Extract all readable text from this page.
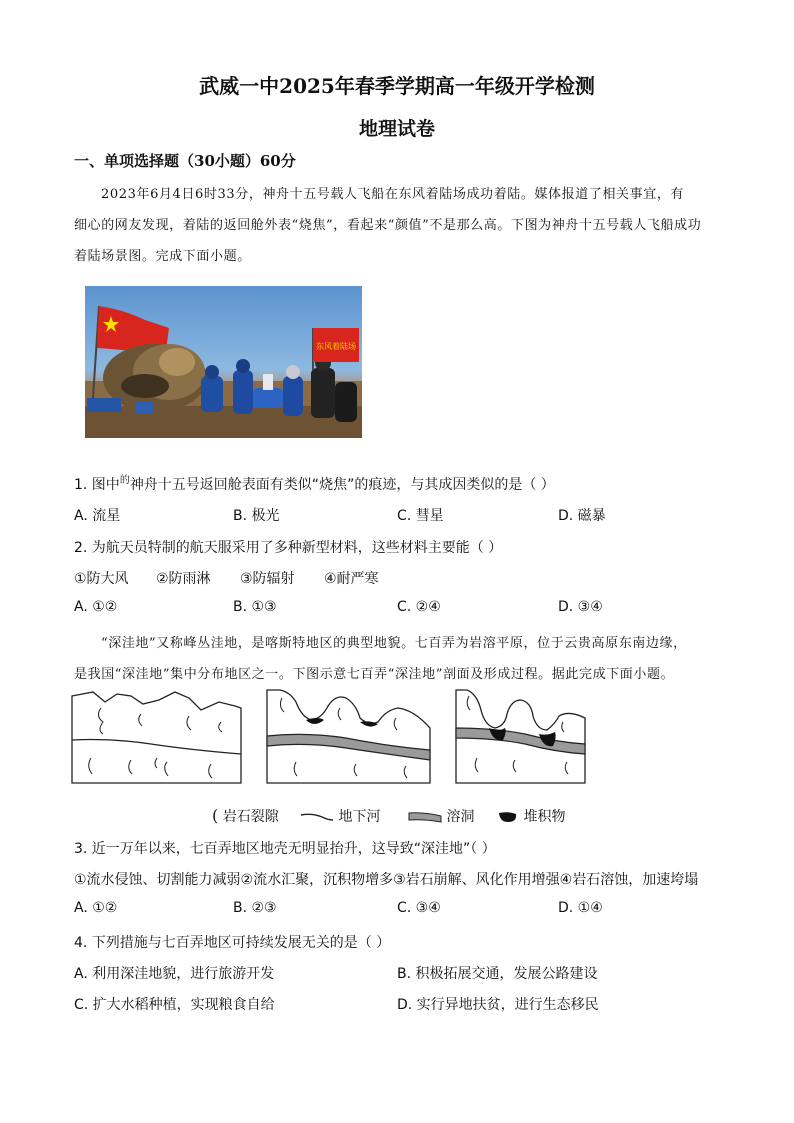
武威一中2025年春季学期高一年级开学检测
地理试卷
一、单项选择题（30小题）60分
2023年6月4日6时33分，神舟十五号载人飞船在东风着陆场成功着陆。媒体报道了相关事宜，有
细心的网友发现，着陆的返回舱外表“烧焦”，看起来“颜值”不是那么高。下图为神舟十五号载人飞船成功
着陆场景图。完成下面小题。
东风着陆场
1. 图中$^的$神舟十五号返回舱表面有类似“烧焦”的痕迹，与其成因类似的是（ ）
A. 流星	B. 极光	C. 彗星	D. 磁暴
2. 为航天员特制的航天服采用了多种新型材料，这些材料主要能（ ）
①防大风 ②防雨淋 ③防辐射 ④耐严寒
A. ①②	B. ①③	C. ②④	D. ③④
“深洼地”又称峰丛洼地，是喀斯特地区的典型地貌。七百弄为岩溶平原，位于云贵高原东南边缘，
是我国“深洼地”集中分布地区之一。下图示意七百弄“深洼地”剖面及形成过程。据此完成下面小题。
( 岩石裂隙	地下河	溶洞	堆积物
3. 近一万年以来，七百弄地区地壳无明显抬升，这导致“深洼地”（ ）
①流水侵蚀、切割能力减弱②流水汇聚，沉积物增多③岩石崩解、风化作用增强④岩石溶蚀，加速垮塌
A. ①②	B. ②③	C. ③④	D. ①④
4. 下列措施与七百弄地区可持续发展无关的是（ ）
A. 利用深洼地貌，进行旅游开发	B. 积极拓展交通，发展公路建设
C. 扩大水稻种植，实现粮食自给	D. 实行异地扶贫，进行生态移民
